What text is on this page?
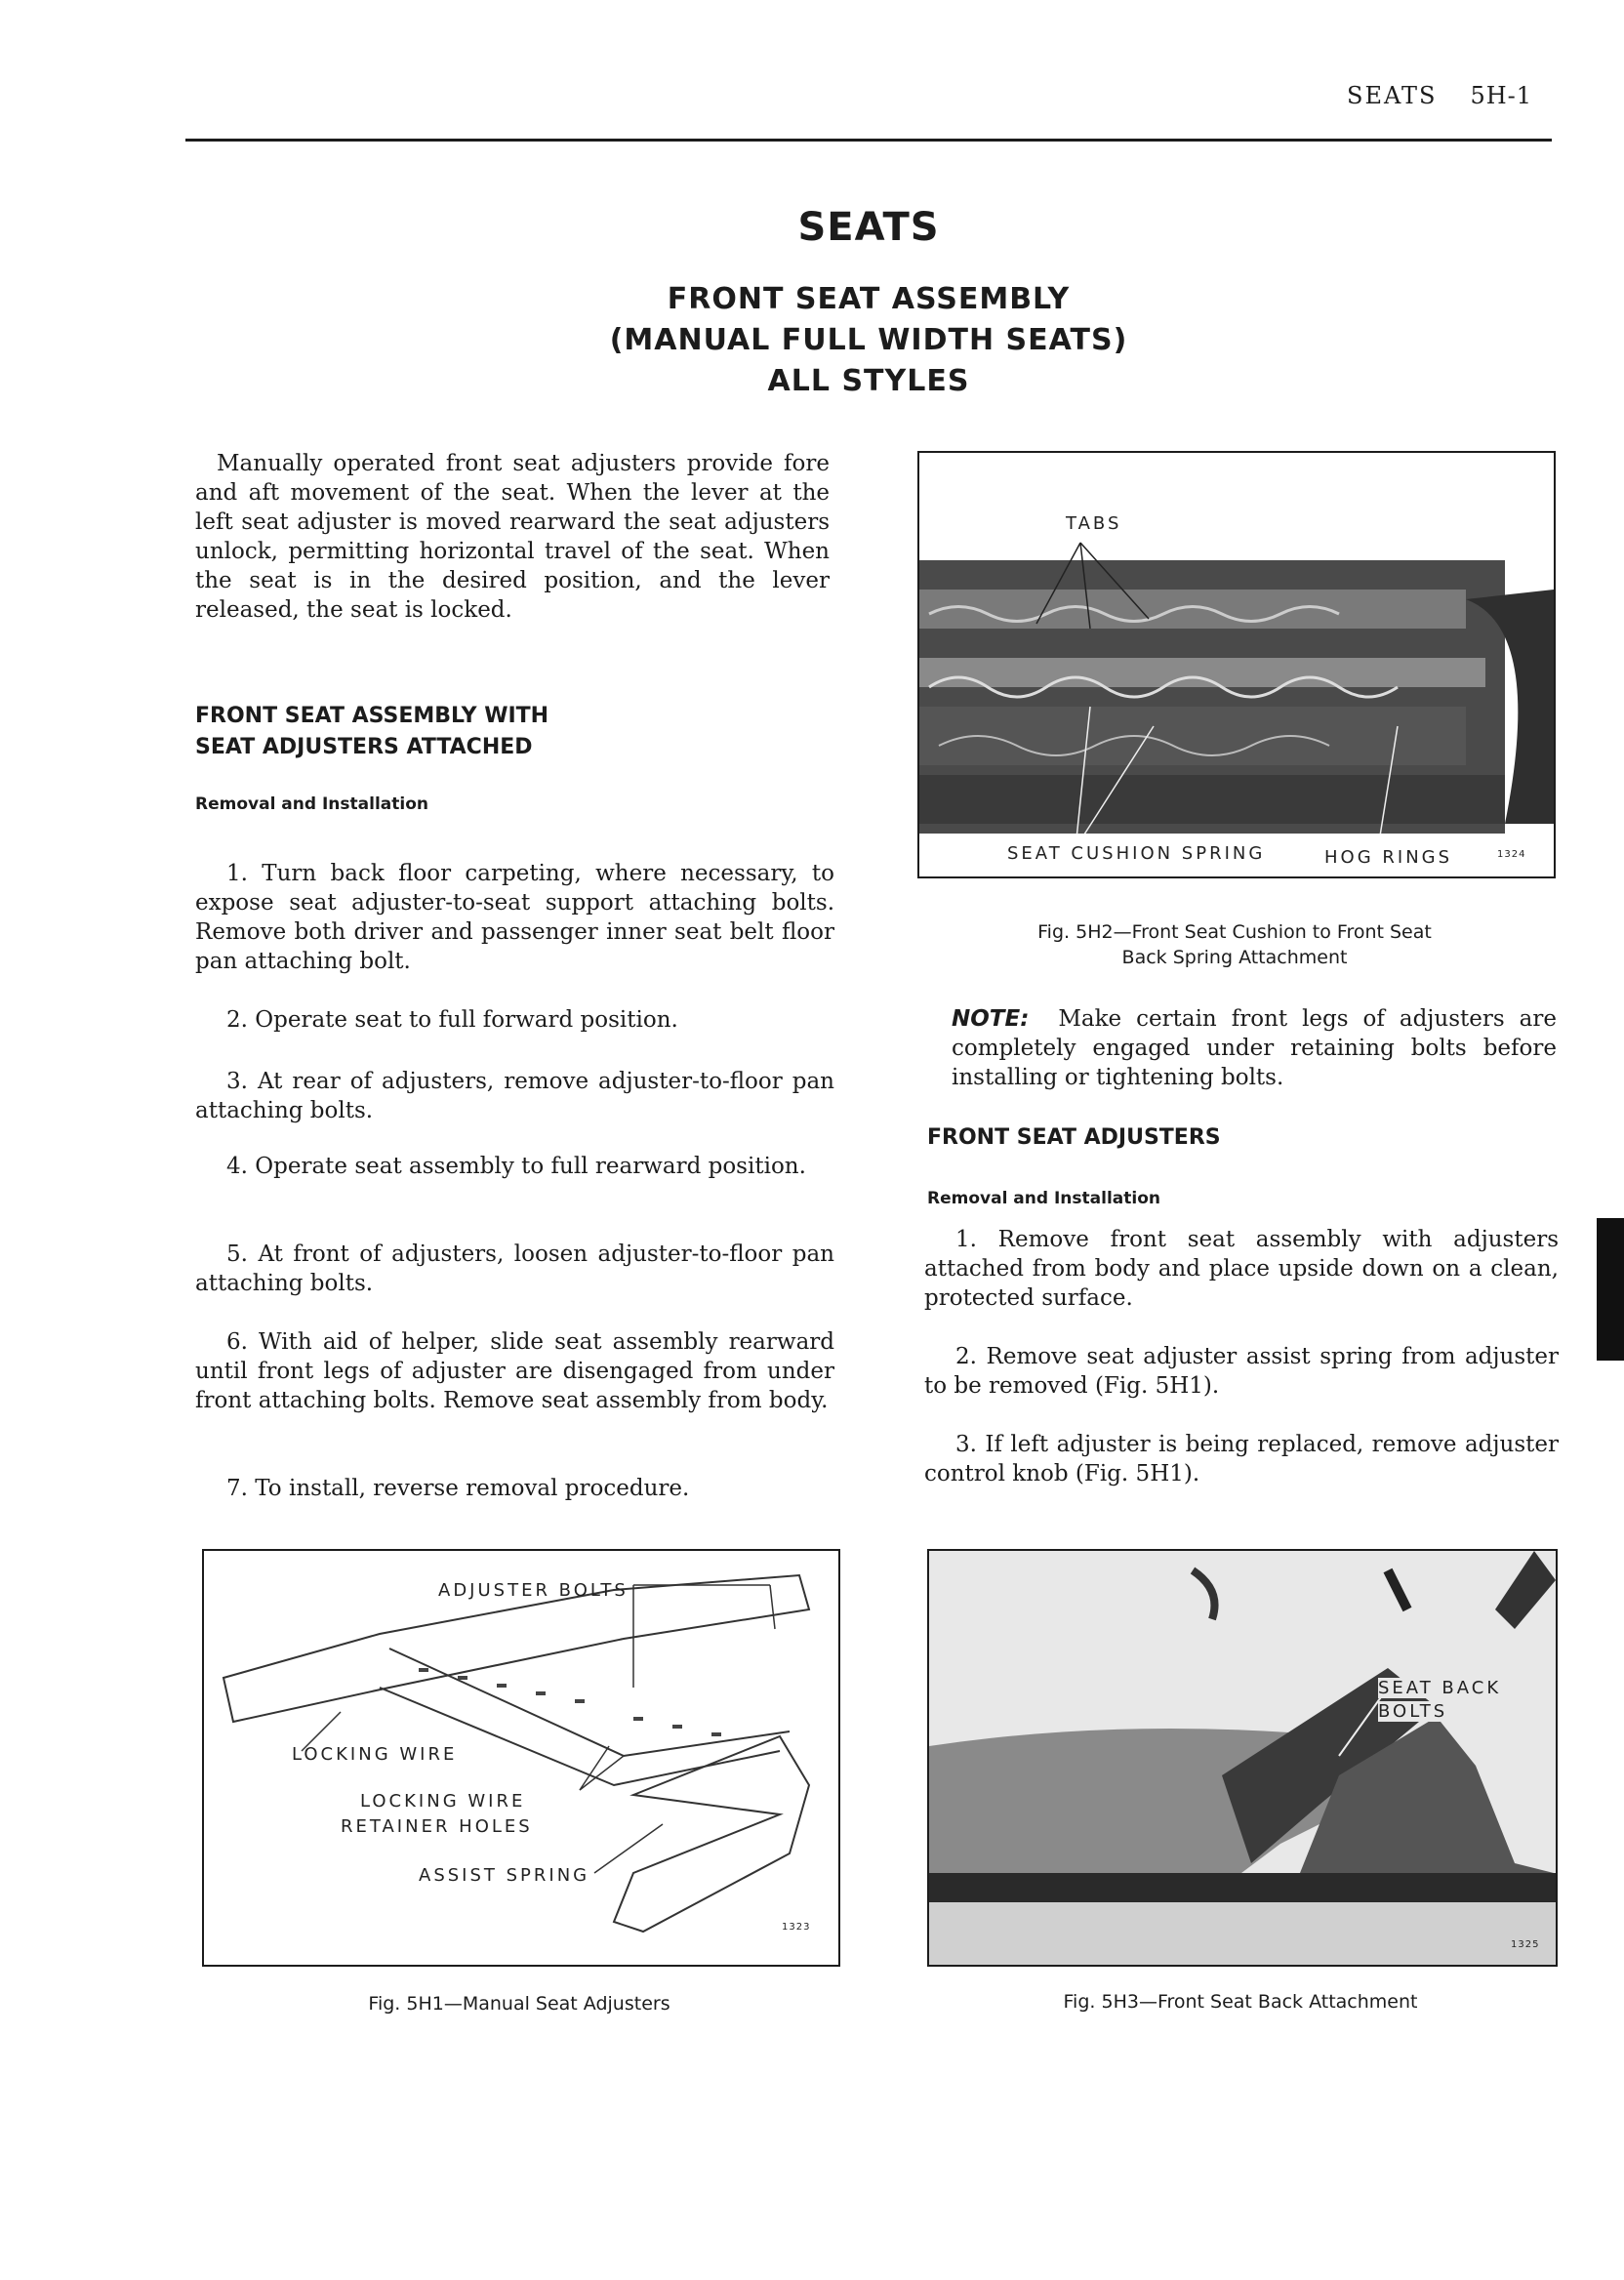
SEATS 5H-1
SEATS
FRONT SEAT ASSEMBLY
(MANUAL FULL WIDTH SEATS)
ALL STYLES
Manually operated front seat adjusters provide fore and aft movement of the seat. When the lever at the left seat adjuster is moved rearward the seat adjusters unlock, permitting horizontal travel of the seat. When the seat is in the desired position, and the lever released, the seat is locked.
FRONT SEAT ASSEMBLY WITH
SEAT ADJUSTERS ATTACHED
Removal and Installation
1. Turn back floor carpeting, where necessary, to expose seat adjuster-to-seat support attaching bolts. Remove both driver and passenger inner seat belt floor pan attaching bolt.
2. Operate seat to full forward position.
3. At rear of adjusters, remove adjuster-to-floor pan attaching bolts.
4. Operate seat assembly to full rearward position.
5. At front of adjusters, loosen adjuster-to-floor pan attaching bolts.
6. With aid of helper, slide seat assembly rearward until front legs of adjuster are disengaged from under front attaching bolts. Remove seat assembly from body.
7. To install, reverse removal procedure.
TABS
SEAT CUSHION SPRING	HOG RINGS	1324
Fig. 5H2—Front Seat Cushion to Front Seat
Back Spring Attachment
NOTE: Make certain front legs of adjusters are completely engaged under retaining bolts before installing or tightening bolts.
FRONT SEAT ADJUSTERS
Removal and Installation
1. Remove front seat assembly with adjusters attached from body and place upside down on a clean, protected surface.
2. Remove seat adjuster assist spring from adjuster to be removed (Fig. 5H1).
3. If left adjuster is being replaced, remove adjuster control knob (Fig. 5H1).
ADJUSTER BOLTS
LOCKING WIRE
LOCKING WIRE
RETAINER HOLES
ASSIST SPRING
1323
Fig. 5H1—Manual Seat Adjusters
SEAT BACK
BOLTS
1325
Fig. 5H3—Front Seat Back Attachment
